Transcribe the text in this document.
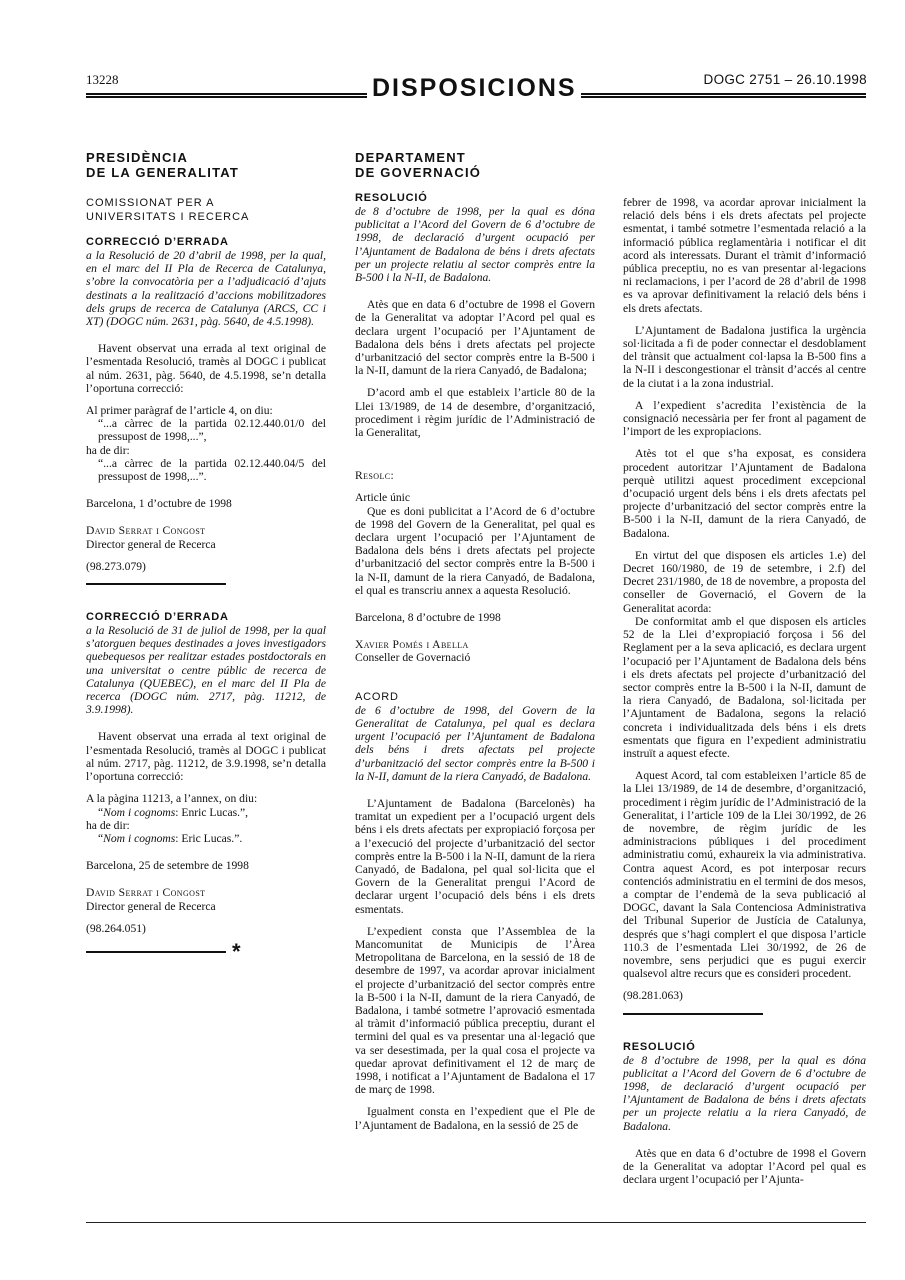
13228	DISPOSICIONS	DOGC 2751 – 26.10.1998
PRESIDÈNCIA
DE LA GENERALITAT
COMISSIONAT PER A
UNIVERSITATS I RECERCA
CORRECCIÓ D’ERRADA

a la Resolució de 20 d’abril de 1998, per la qual, en el marc del II Pla de Recerca de Catalunya, s’obre la convocatòria per a l’adjudicació d’ajuts destinats a la realització d’accions mobilitzadores dels grups de recerca de Catalunya (ARCS, CC i XT) (DOGC núm. 2631, pàg. 5640, de 4.5.1998).

Havent observat una errada al text original de l’esmentada Resolució, tramès al DOGC i publicat al núm. 2631, pàg. 5640, de 4.5.1998, se’n detalla l’oportuna correcció:

Al primer paràgraf de l’article 4, on diu:

“...a càrrec de la partida 02.12.440.01/0 del pressupost de 1998,...”,

ha de dir:

“...a càrrec de la partida 02.12.440.04/5 del pressupost de 1998,...”.

Barcelona, 1 d’octubre de 1998

David Serrat i Congost

Director general de Recerca

(98.273.079)

CORRECCIÓ D’ERRADA

a la Resolució de 31 de juliol de 1998, per la qual s’atorguen beques destinades a joves investigadors quebequesos per realitzar estades postdoctorals en una universitat o centre públic de recerca de Catalunya (QUEBEC), en el marc del II Pla de recerca (DOGC núm. 2717, pàg. 11212, de 3.9.1998).

Havent observat una errada al text original de l’esmentada Resolució, tramès al DOGC i publicat al núm. 2717, pàg. 11212, de 3.9.1998, se’n detalla l’oportuna correcció:

A la pàgina 11213, a l’annex, on diu:

“Nom i cognoms: Enric Lucas.”,

ha de dir:

“Nom i cognoms: Eric Lucas.”.

Barcelona, 25 de setembre de 1998

David Serrat i Congost

Director general de Recerca

(98.264.051)

*
DEPARTAMENT
DE GOVERNACIÓ
RESOLUCIÓ

de 8 d’octubre de 1998, per la qual es dóna publicitat a l’Acord del Govern de 6 d’octubre de 1998, de declaració d’urgent ocupació per l’Ajuntament de Badalona de béns i drets afectats per un projecte relatiu al sector comprès entre la B-500 i la N-II, de Badalona.

Atès que en data 6 d’octubre de 1998 el Govern de la Generalitat va adoptar l’Acord pel qual es declara urgent l’ocupació per l’Ajuntament de Badalona dels béns i drets afectats pel projecte d’urbanització del sector comprès entre la B-500 i la N-II, damunt de la riera Canyadó, de Badalona;

D’acord amb el que estableix l’article 80 de la Llei 13/1989, de 14 de desembre, d’organització, procediment i règim jurídic de l’Administració de la Generalitat,

Resolc:

Article únic

Que es doni publicitat a l’Acord de 6 d’octubre de 1998 del Govern de la Generalitat, pel qual es declara urgent l’ocupació per l’Ajuntament de Badalona dels béns i drets afectats pel projecte d’urbanització del sector comprès entre la B-500 i la N-II, damunt de la riera Canyadó, de Badalona, el qual es transcriu annex a aquesta Resolució.

Barcelona, 8 d’octubre de 1998

Xavier Pomés i Abella

Conseller de Governació

ACORD

de 6 d’octubre de 1998, del Govern de la Generalitat de Catalunya, pel qual es declara urgent l’ocupació per l’Ajuntament de Badalona dels béns i drets afectats pel projecte d’urbanització del sector comprès entre la B-500 i la N-II, damunt de la riera Canyadó, de Badalona.

L’Ajuntament de Badalona (Barcelonès) ha tramitat un expedient per a l’ocupació urgent dels béns i els drets afectats per expropiació forçosa per a l’execució del projecte d’urbanització del sector comprès entre la B-500 i la N-II, damunt de la riera Canyadó, de Badalona, pel qual sol·licita que el Govern de la Generalitat prengui l’Acord de declarar urgent l’ocupació dels béns i els drets esmentats.

L’expedient consta que l’Assemblea de la Mancomunitat de Municipis de l’Àrea Metropolitana de Barcelona, en la sessió de 18 de desembre de 1997, va acordar aprovar inicialment el projecte d’urbanització del sector comprès entre la B-500 i la N-II, damunt de la riera Canyadó, de Badalona, i també sotmetre l’aprovació esmentada al tràmit d’informació pública preceptiu, durant el termini del qual es va presentar una al·legació que va ser desestimada, per la qual cosa el projecte va quedar aprovat definitivament el 12 de març de 1998, i notificat a l’Ajuntament de Badalona el 17 de març de 1998.

Igualment consta en l’expedient que el Ple de l’Ajuntament de Badalona, en la sessió de 25 de

febrer de 1998, va acordar aprovar inicialment la relació dels béns i els drets afectats pel projecte esmentat, i també sotmetre l’esmentada relació a la informació pública reglamentària i notificar el dit acord als interessats. Durant el tràmit d’informació pública preceptiu, no es van presentar al·legacions ni reclamacions, i per l’acord de 28 d’abril de 1998 es va aprovar definitivament la relació dels béns i els drets afectats.

L’Ajuntament de Badalona justifica la urgència sol·licitada a fi de poder connectar el desdoblament del trànsit que actualment col·lapsa la B-500 fins a la N-II i descongestionar el trànsit d’accés al centre de la ciutat i a la zona industrial.

A l’expedient s’acredita l’existència de la consignació necessària per fer front al pagament de l’import de les expropiacions.

Atès tot el que s’ha exposat, es considera procedent autoritzar l’Ajuntament de Badalona perquè utilitzi aquest procediment excepcional d’ocupació urgent dels béns i els drets afectats pel projecte d’urbanització del sector comprès entre la B-500 i la N-II, damunt de la riera Canyadó, de Badalona.

En virtut del que disposen els articles 1.e) del Decret 160/1980, de 19 de setembre, i 2.f) del Decret 231/1980, de 18 de novembre, a proposta del conseller de Governació, el Govern de la Generalitat acorda:

De conformitat amb el que disposen els articles 52 de la Llei d’expropiació forçosa i 56 del Reglament per a la seva aplicació, es declara urgent l’ocupació per l’Ajuntament de Badalona dels béns i els drets afectats pel projecte d’urbanització del sector comprès entre la B-500 i la N-II, damunt de la riera Canyadó, de Badalona, sol·licitada per l’Ajuntament de Badalona, segons la relació concreta i individualitzada dels béns i els drets esmentats que figura en l’expedient administratiu instruït a aquest efecte.

Aquest Acord, tal com estableixen l’article 85 de la Llei 13/1989, de 14 de desembre, d’organització, procediment i règim jurídic de l’Administració de la Generalitat, i l’article 109 de la Llei 30/1992, de 26 de novembre, de règim jurídic de les administracions públiques i del procediment administratiu comú, exhaureix la via administrativa. Contra aquest Acord, es pot interposar recurs contenciós administratiu en el termini de dos mesos, a comptar de l’endemà de la seva publicació al DOGC, davant la Sala Contenciosa Administrativa del Tribunal Superior de Justícia de Catalunya, després que s’hagi complert el que disposa l’article 110.3 de l’esmentada Llei 30/1992, de 26 de novembre, sens perjudici que es pugui exercir qualsevol altre recurs que es consideri procedent.

(98.281.063)

RESOLUCIÓ

de 8 d’octubre de 1998, per la qual es dóna publicitat a l’Acord del Govern de 6 d’octubre de 1998, de declaració d’urgent ocupació per l’Ajuntament de Badalona de béns i drets afectats per un projecte relatiu a la riera Canyadó, de Badalona.

Atès que en data 6 d’octubre de 1998 el Govern de la Generalitat va adoptar l’Acord pel qual es declara urgent l’ocupació per l’Ajunta-
